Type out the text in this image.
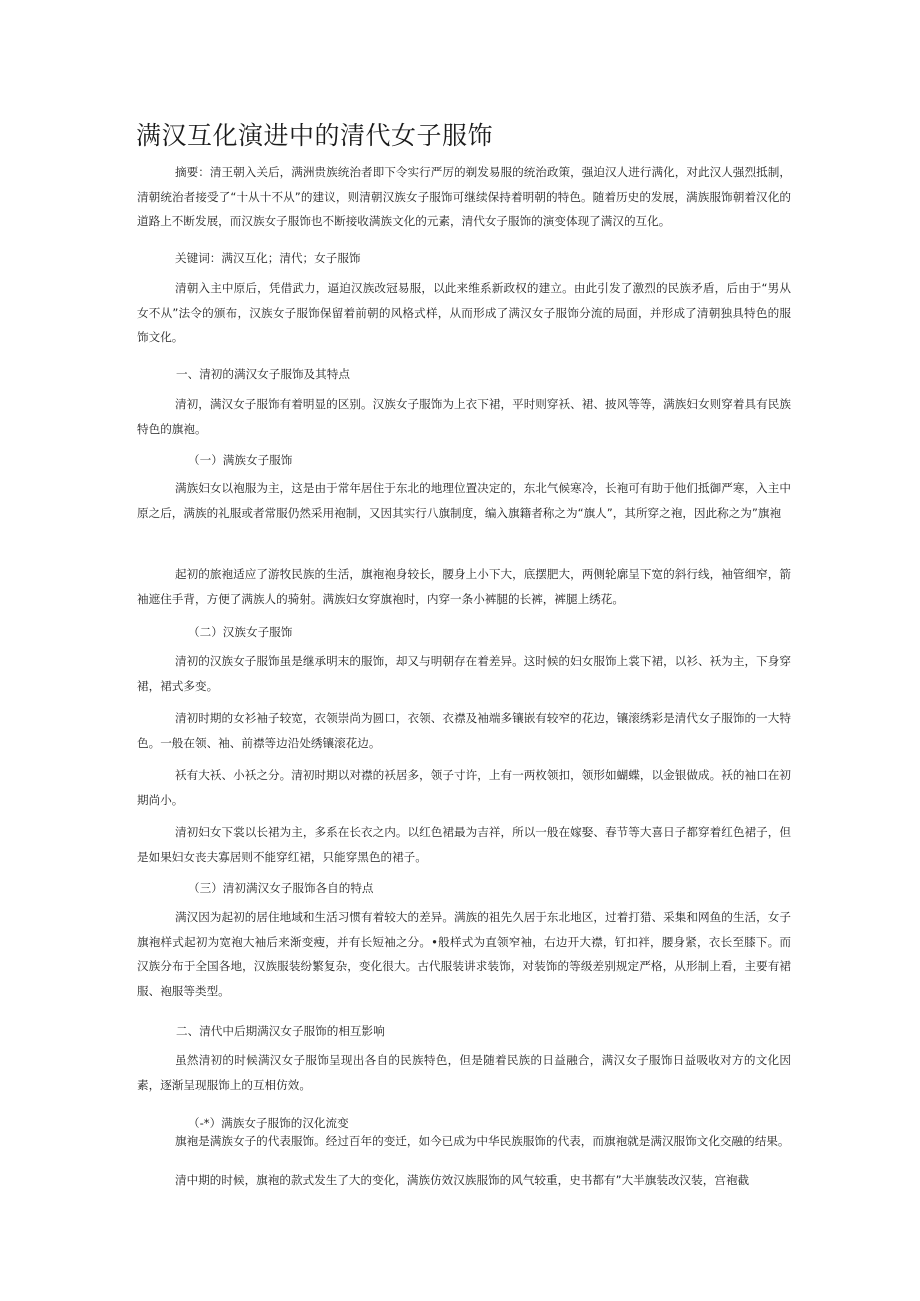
满汉互化演进中的清代女子服饰

摘要：清王朝入关后，满洲贵族统治者即下令实行严厉的剃发易服的统治政策，强迫汉人进行满化，对此汉人强烈抵制，清朝统治者接受了“十从十不从”的建议，则清朝汉族女子服饰可继续保持着明朝的特色。随着历史的发展，满族服饰朝着汉化的道路上不断发展，而汉族女子服饰也不断接收满族文化的元素，清代女子服饰的演变体现了满汉的互化。

关键词：满汉互化；清代；女子服饰

清朝入主中原后，凭借武力，逼迫汉族改冠易服，以此来维系新政权的建立。由此引发了激烈的民族矛盾，后由于“男从女不从”法令的颁布，汉族女子服饰保留着前朝的风格式样，从而形成了满汉女子服饰分流的局面，并形成了清朝独具特色的服饰文化。

一、清初的满汉女子服饰及其特点

清初，满汉女子服饰有着明显的区别。汉族女子服饰为上衣下裙，平时则穿袄、裙、披风等等，满族妇女则穿着具有民族特色的旗袍。

（一）满族女子服饰

满族妇女以袍服为主，这是由于常年居住于东北的地理位置决定的，东北气候寒冷，长袍可有助于他们抵御严寒，入主中原之后，满族的礼服或者常服仍然采用袍制，又因其实行八旗制度，编入旗籍者称之为“旗人”，其所穿之袍，因此称之为”旗袍

起初的旅袍适应了游牧民族的生活，旗袍袍身较长，腰身上小下大，底摆肥大，两侧轮廓呈下宽的斜行线，袖管细窄，箭袖遮住手背，方便了满族人的骑射。满族妇女穿旗袍时，内穿一条小裤腿的长裤，裤腿上绣花。

（二）汉族女子服饰

清初的汉族女子服饰虽是继承明末的服饰，却又与明朝存在着差异。这时候的妇女服饰上裳下裙，以衫、袄为主，下身穿裙，裙式多变。

清初时期的女衫袖子较宽，衣领崇尚为圆口，衣领、衣襟及袖端多镶嵌有较窄的花边，镶滚绣彩是清代女子服饰的一大特色。一般在领、袖、前襟等边沿处绣镶滚花边。

袄有大袄、小袄之分。清初时期以对襟的袄居多，领子寸许，上有一两枚领扣，领形如蝴蝶，以金银做成。袄的袖口在初期尚小。

清初妇女下裳以长裙为主，多系在长衣之内。以红色裙最为吉祥，所以一般在嫁娶、春节等大喜日子都穿着红色裙子，但是如果妇女丧夫寡居则不能穿红裙，只能穿黑色的裙子。

（三）清初满汉女子服饰各自的特点

满汉因为起初的居住地域和生活习惯有着较大的差异。满族的祖先久居于东北地区，过着打猎、采集和网鱼的生活，女子旗袍样式起初为宽袍大袖后来渐变瘦，并有长短袖之分。•般样式为直领窄袖，右边开大襟，钉扣袢，腰身紧，衣长至膝下。而汉族分布于全国各地，汉族服装纷繁复杂，变化很大。古代服装讲求装饰，对装饰的等级差别规定严格，从形制上看，主要有裙服、袍服等类型。

二、清代中后期满汉女子服饰的相互影响

虽然清初的时候满汉女子服饰呈现出各自的民族特色，但是随着民族的日益融合，满汉女子服饰日益吸收对方的文化因素，逐渐呈现服饰上的互相仿效。

（-*）满族女子服饰的汉化流变

旗袍是满族女子的代表服饰。经过百年的变迁，如今已成为中华民族服饰的代表，而旗袍就是满汉服饰文化交融的结果。

清中期的时候，旗袍的款式发生了大的变化，满族仿效汉族服饰的风气较重，史书都有”大半旗装改汉装，宫袍截
